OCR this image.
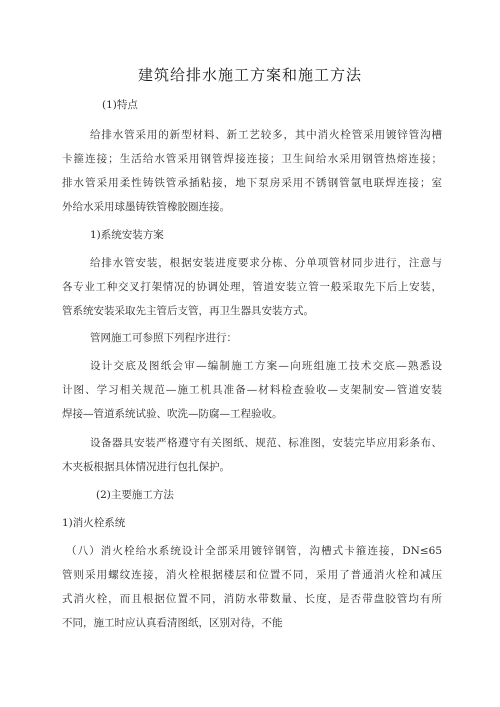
建筑给排水施工方案和施工方法
(1)特点
给排水管采用的新型材料、新工艺较多，其中消火栓管采用镀锌管沟槽
卡箍连接；生活给水管采用钢管焊接连接；卫生间给水采用钢管热熔连接；
排水管采用柔性铸铁管承插粘接，地下泵房采用不锈钢管氩电联焊连接；室
外给水采用球墨铸铁管橡胶圈连接。
1)系统安装方案
给排水管安装，根据安装进度要求分栋、分单项管材同步进行，注意与
各专业工种交叉打架情况的协调处理，管道安装立管一般采取先下后上安装，
管系统安装采取先主管后支管，再卫生器具安装方式。
管网施工可参照下列程序进行：
设计交底及图纸会审—编制施工方案—向班组施工技术交底—熟悉设
计图、学习相关规范—施工机具准备—材料检查验收—支架制安—管道安装
焊接—管道系统试验、吹洗—防腐—工程验收。
设备器具安装严格遵守有关图纸、规范、标准图，安装完毕应用彩条布、
木夹板根据具体情况进行包扎保护。
(2)主要施工方法
1)消火栓系统
（八）消火栓给水系统设计全部采用镀锌钢管，沟槽式卡箍连接，DN≤65
管则采用螺纹连接，消火栓根据楼层和位置不同，采用了普通消火栓和减压
式消火栓，而且根据位置不同，消防水带数量、长度，是否带盘胶管均有所
不同，施工时应认真看清图纸，区别对待，不能
